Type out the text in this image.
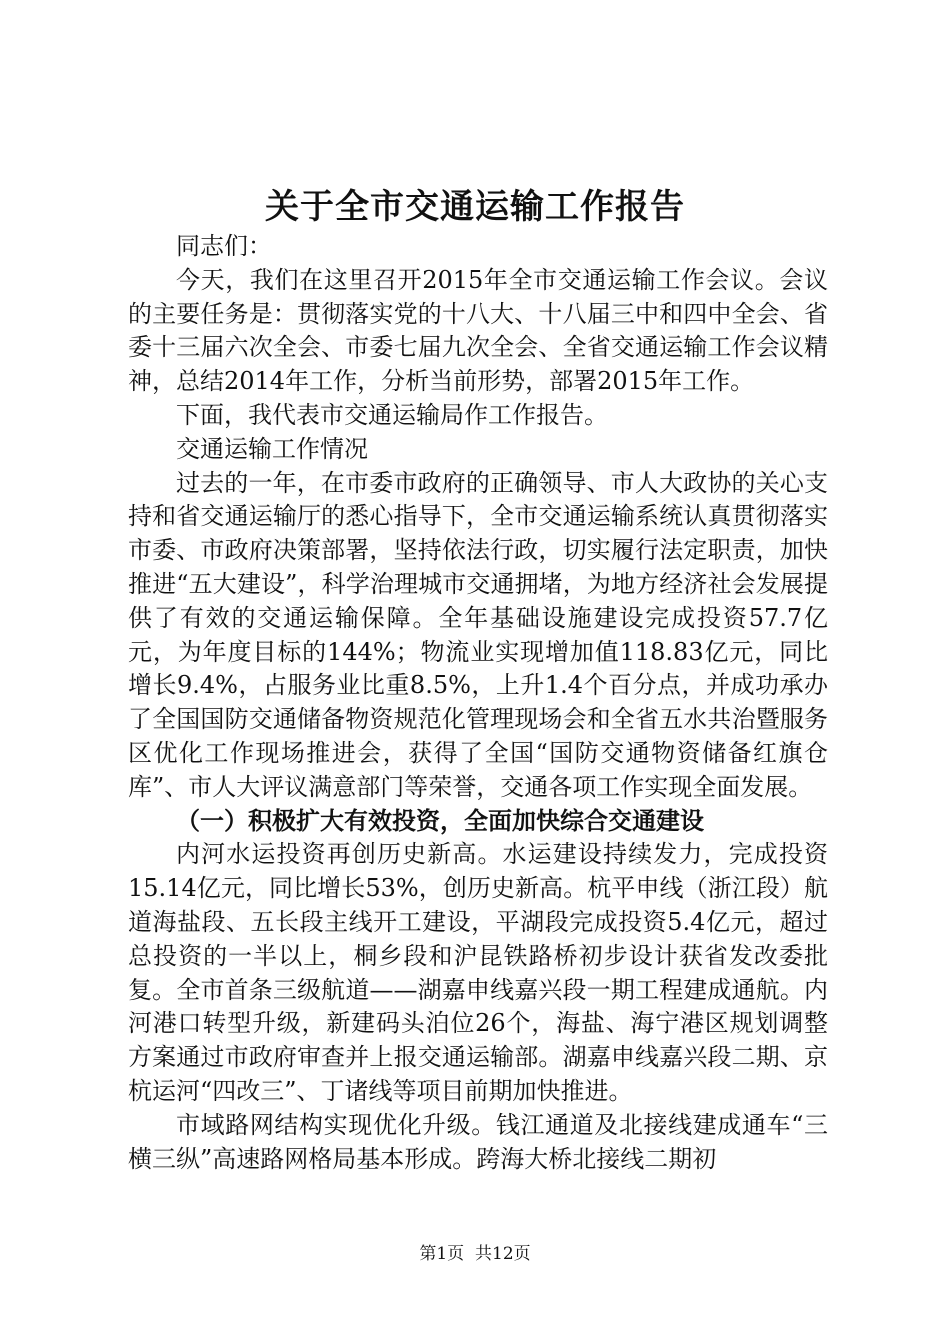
关于全市交通运输工作报告

同志们：

今天，我们在这里召开2015年全市交通运输工作会议。会议的主要任务是：贯彻落实党的十八大、十八届三中和四中全会、省委十三届六次全会、市委七届九次全会、全省交通运输工作会议精神，总结2014年工作，分析当前形势，部署2015年工作。

下面，我代表市交通运输局作工作报告。

交通运输工作情况

过去的一年，在市委市政府的正确领导、市人大政协的关心支持和省交通运输厅的悉心指导下，全市交通运输系统认真贯彻落实市委、市政府决策部署，坚持依法行政，切实履行法定职责，加快推进“五大建设”，科学治理城市交通拥堵，为地方经济社会发展提供了有效的交通运输保障。全年基础设施建设完成投资57.7亿元，为年度目标的144%；物流业实现增加值118.83亿元，同比增长9.4%，占服务业比重8.5%，上升1.4个百分点，并成功承办了全国国防交通储备物资规范化管理现场会和全省五水共治暨服务区优化工作现场推进会，获得了全国“国防交通物资储备红旗仓库”、市人大评议满意部门等荣誉，交通各项工作实现全面发展。

（一）积极扩大有效投资，全面加快综合交通建设

内河水运投资再创历史新高。水运建设持续发力，完成投资15.14亿元，同比增长53%，创历史新高。杭平申线（浙江段）航道海盐段、五长段主线开工建设，平湖段完成投资5.4亿元，超过总投资的一半以上，桐乡段和沪昆铁路桥初步设计获省发改委批复。全市首条三级航道——湖嘉申线嘉兴段一期工程建成通航。内河港口转型升级，新建码头泊位26个，海盐、海宁港区规划调整方案通过市政府审查并上报交通运输部。湖嘉申线嘉兴段二期、京杭运河“四改三”、丁诸线等项目前期加快推进。

市域路网结构实现优化升级。钱江通道及北接线建成通车“三横三纵”高速路网格局基本形成。跨海大桥北接线二期初

第1页 共12页
